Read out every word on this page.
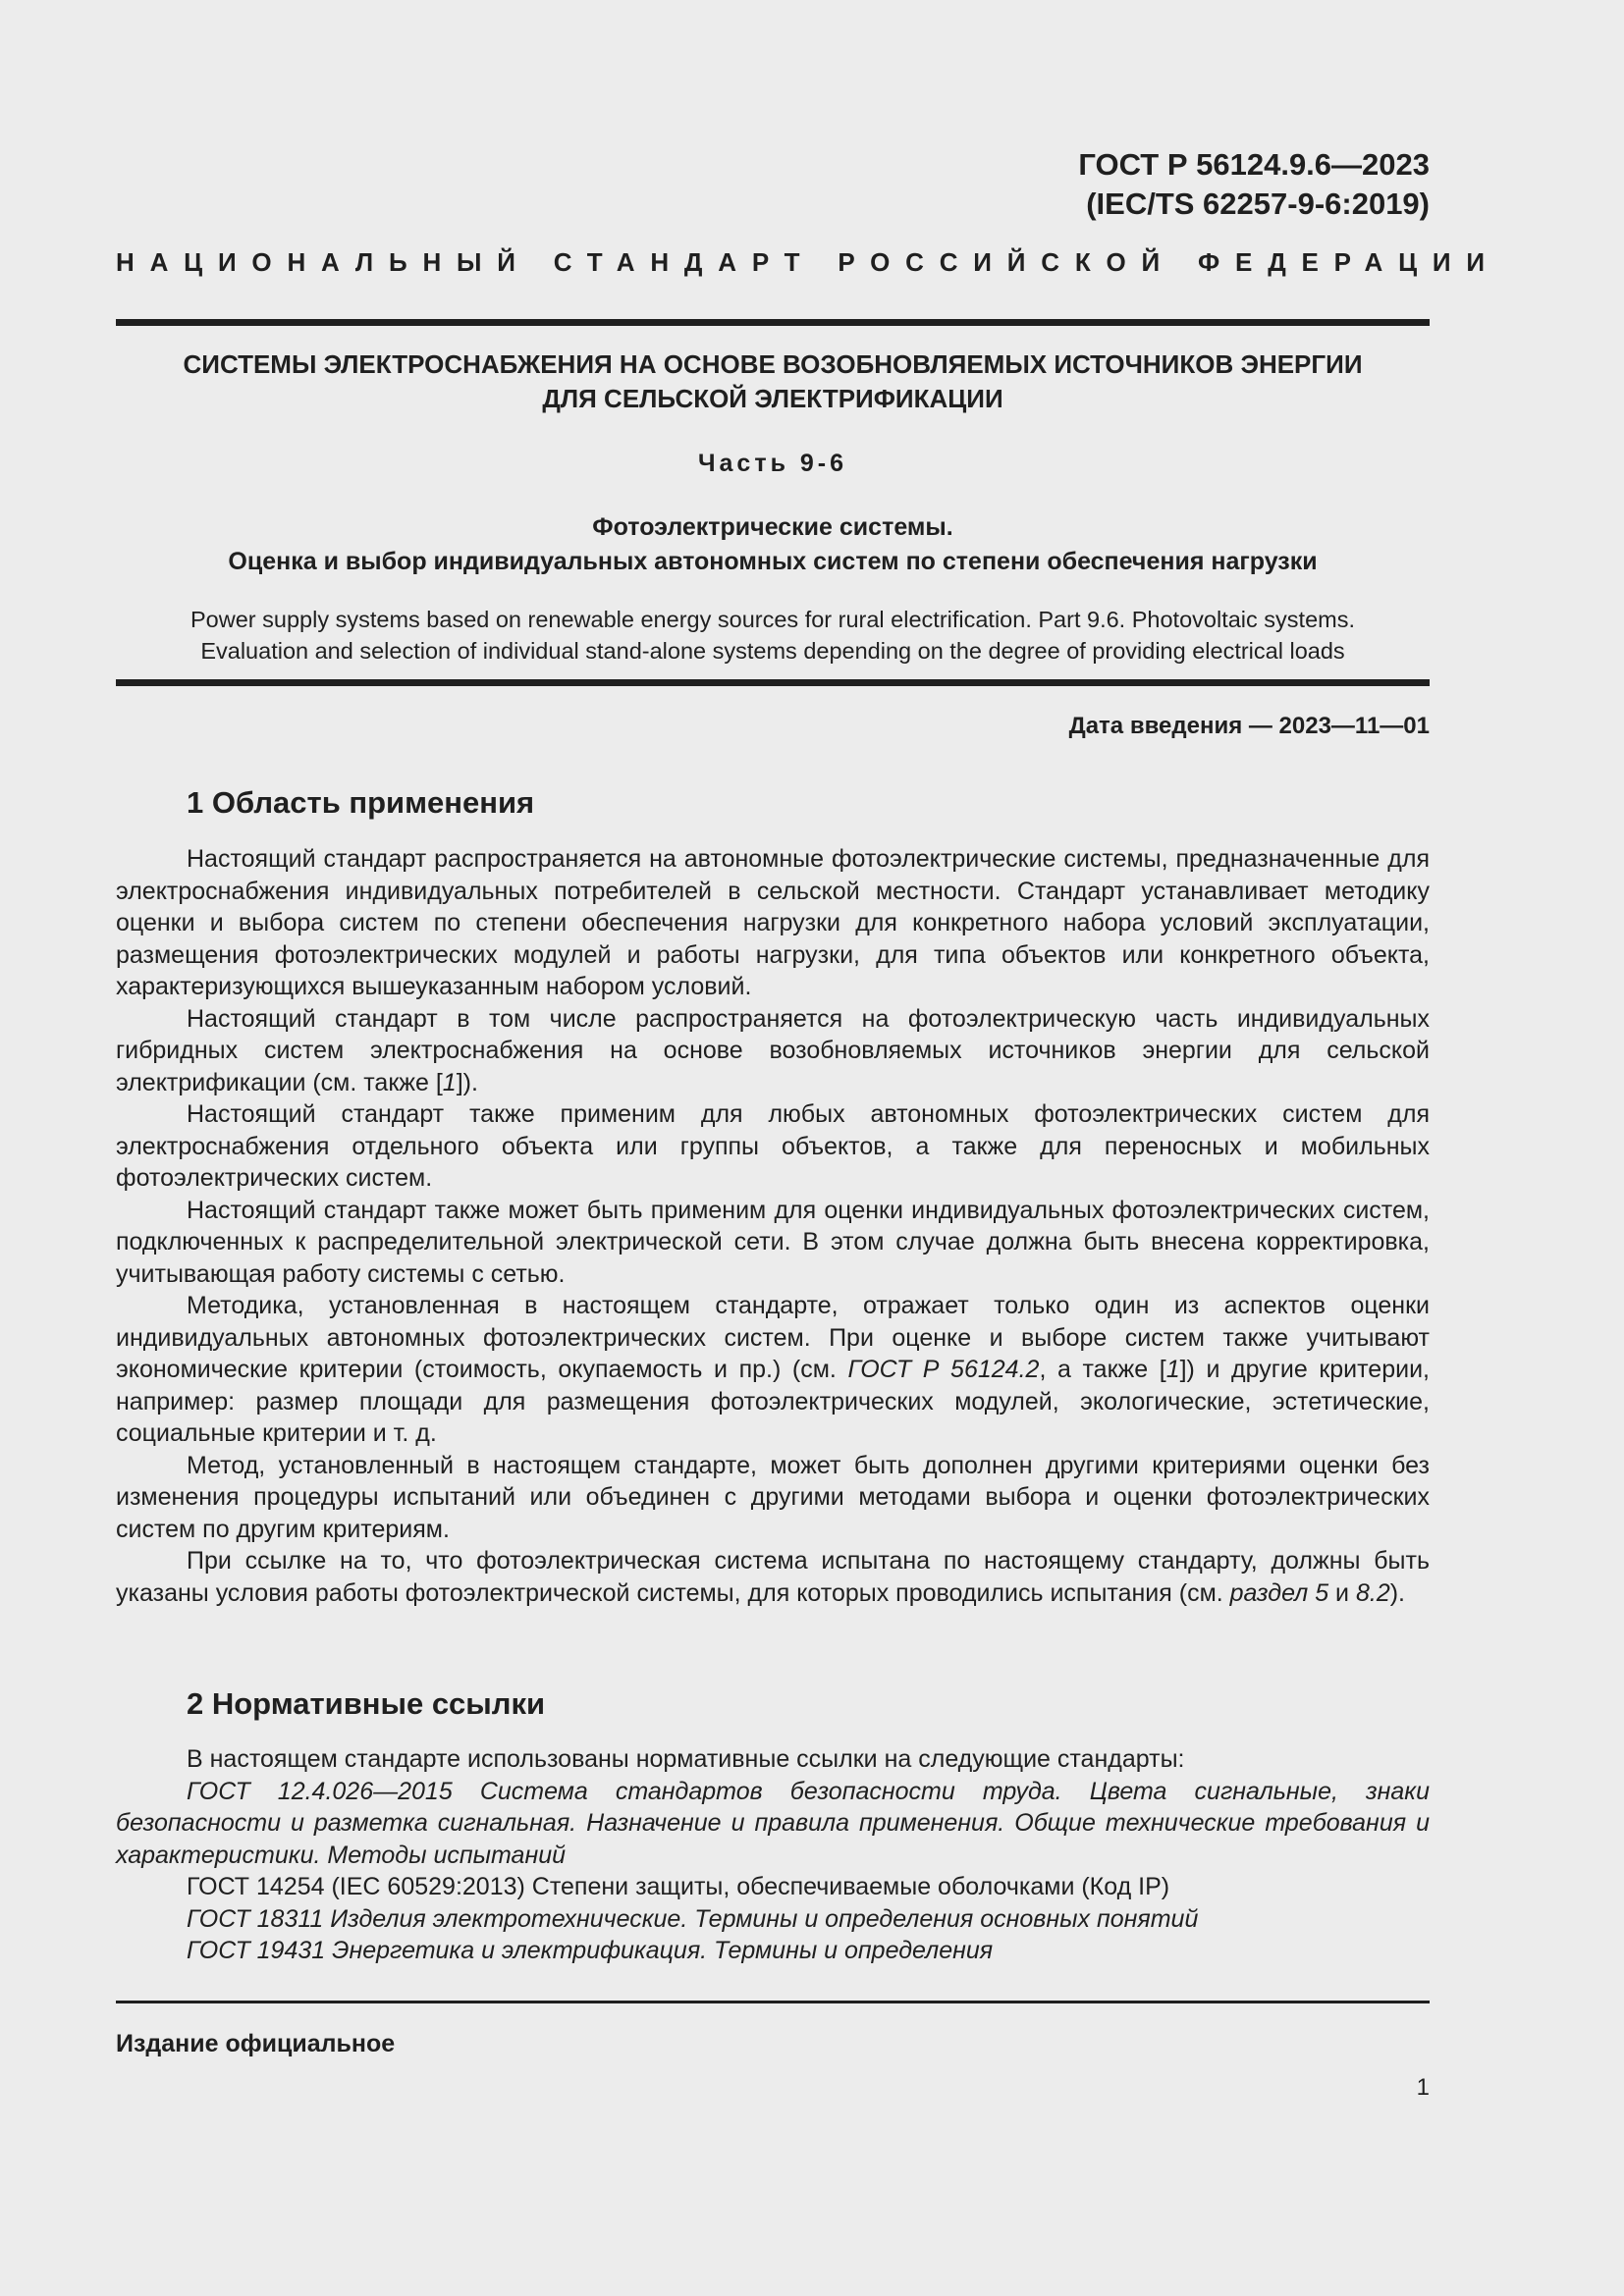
ГОСТ Р 56124.9.6—2023
(IEC/TS 62257-9-6:2019)
НАЦИОНАЛЬНЫЙ СТАНДАРТ РОССИЙСКОЙ ФЕДЕРАЦИИ
СИСТЕМЫ ЭЛЕКТРОСНАБЖЕНИЯ НА ОСНОВЕ ВОЗОБНОВЛЯЕМЫХ ИСТОЧНИКОВ ЭНЕРГИИ
ДЛЯ СЕЛЬСКОЙ ЭЛЕКТРИФИКАЦИИ
Часть 9-6
Фотоэлектрические системы.
Оценка и выбор индивидуальных автономных систем по степени обеспечения нагрузки
Power supply systems based on renewable energy sources for rural electrification. Part 9.6. Photovoltaic systems.
Evaluation and selection of individual stand-alone systems depending on the degree of providing electrical loads
Дата введения — 2023—11—01
1 Область применения

Настоящий стандарт распространяется на автономные фотоэлектрические системы, предназначенные для электроснабжения индивидуальных потребителей в сельской местности. Стандарт устанавливает методику оценки и выбора систем по степени обеспечения нагрузки для конкретного набора условий эксплуатации, размещения фотоэлектрических модулей и работы нагрузки, для типа объектов или конкретного объекта, характеризующихся вышеуказанным набором условий.

Настоящий стандарт в том числе распространяется на фотоэлектрическую часть индивидуальных гибридных систем электроснабжения на основе возобновляемых источников энергии для сельской электрификации (см. также [1]).

Настоящий стандарт также применим для любых автономных фотоэлектрических систем для электроснабжения отдельного объекта или группы объектов, а также для переносных и мобильных фотоэлектрических систем.

Настоящий стандарт также может быть применим для оценки индивидуальных фотоэлектрических систем, подключенных к распределительной электрической сети. В этом случае должна быть внесена корректировка, учитывающая работу системы с сетью.

Методика, установленная в настоящем стандарте, отражает только один из аспектов оценки индивидуальных автономных фотоэлектрических систем. При оценке и выборе систем также учитывают экономические критерии (стоимость, окупаемость и пр.) (см. ГОСТ Р 56124.2, а также [1]) и другие критерии, например: размер площади для размещения фотоэлектрических модулей, экологические, эстетические, социальные критерии и т. д.

Метод, установленный в настоящем стандарте, может быть дополнен другими критериями оценки без изменения процедуры испытаний или объединен с другими методами выбора и оценки фотоэлектрических систем по другим критериям.

При ссылке на то, что фотоэлектрическая система испытана по настоящему стандарту, должны быть указаны условия работы фотоэлектрической системы, для которых проводились испытания (см. раздел 5 и 8.2).

2 Нормативные ссылки

В настоящем стандарте использованы нормативные ссылки на следующие стандарты:

ГОСТ 12.4.026—2015 Система стандартов безопасности труда. Цвета сигнальные, знаки безопасности и разметка сигнальная. Назначение и правила применения. Общие технические требования и характеристики. Методы испытаний

ГОСТ 14254 (IEC 60529:2013) Степени защиты, обеспечиваемые оболочками (Код IP)

ГОСТ 18311 Изделия электротехнические. Термины и определения основных понятий

ГОСТ 19431 Энергетика и электрификация. Термины и определения

Издание официальное
1
